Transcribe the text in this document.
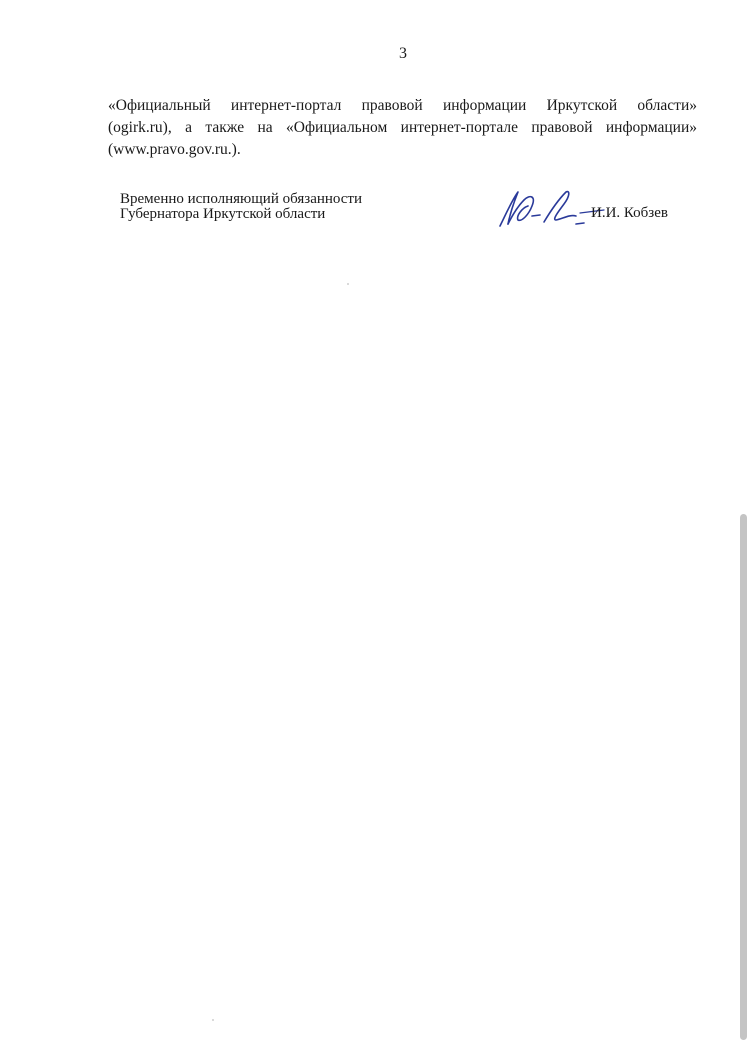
3

«Официальный интернет-портал правовой информации Иркутской области»
(ogirk.ru), а также на «Официальном интернет-портале правовой информации»
(www.pravo.gov.ru.).

Временно исполняющий обязанности
Губернатора Иркутской области	И.И. Кобзев
